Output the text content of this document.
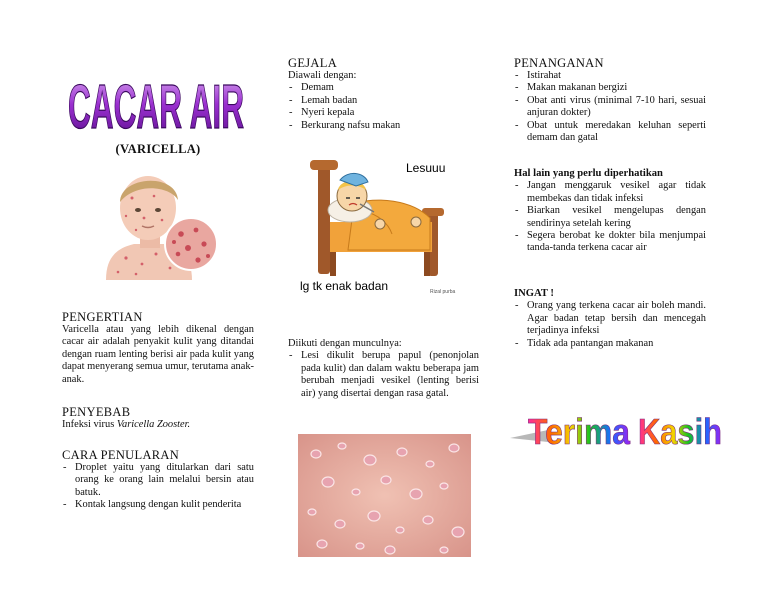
CACAR AIR
(VARICELLA)
PENGERTIAN

Varicella atau yang lebih dikenal dengan cacar air adalah penyakit kulit yang ditandai dengan ruam lenting berisi air pada kulit yang dapat menyerang semua umur, terutama anak-anak.

PENYEBAB

Infeksi virus Varicella Zooster.

CARA PENULARAN
- Droplet yaitu yang ditularkan dari satu orang ke orang lain melalui bersin atau batuk.
- Kontak langsung dengan kulit penderita
GEJALA

Diawali dengan:

- Demam
- Lemah badan
- Nyeri kepala
- Berkurang nafsu makan
Lesuuu
lg tk enak badan	Rizal purba

Diikuti dengan munculnya:

- Lesi dikulit berupa papul (penonjolan pada kulit) dan dalam waktu beberapa jam berubah menjadi vesikel (lenting berisi air) yang disertai dengan rasa gatal.
PENANGANAN
- Istirahat
- Makan makanan bergizi
- Obat anti virus (minimal 7-10 hari, sesuai anjuran dokter)
- Obat untuk meredakan keluhan seperti demam dan gatal

Hal lain yang perlu diperhatikan

- Jangan menggaruk vesikel agar tidak membekas dan tidak infeksi
- Biarkan vesikel mengelupas dengan sendirinya setelah kering
- Segera berobat ke dokter bila menjumpai tanda-tanda terkena cacar air

INGAT !

- Orang yang terkena cacar air boleh mandi. Agar badan tetap bersih dan mencegah terjadinya infeksi
- Tidak ada pantangan makanan
Terima Kasih
